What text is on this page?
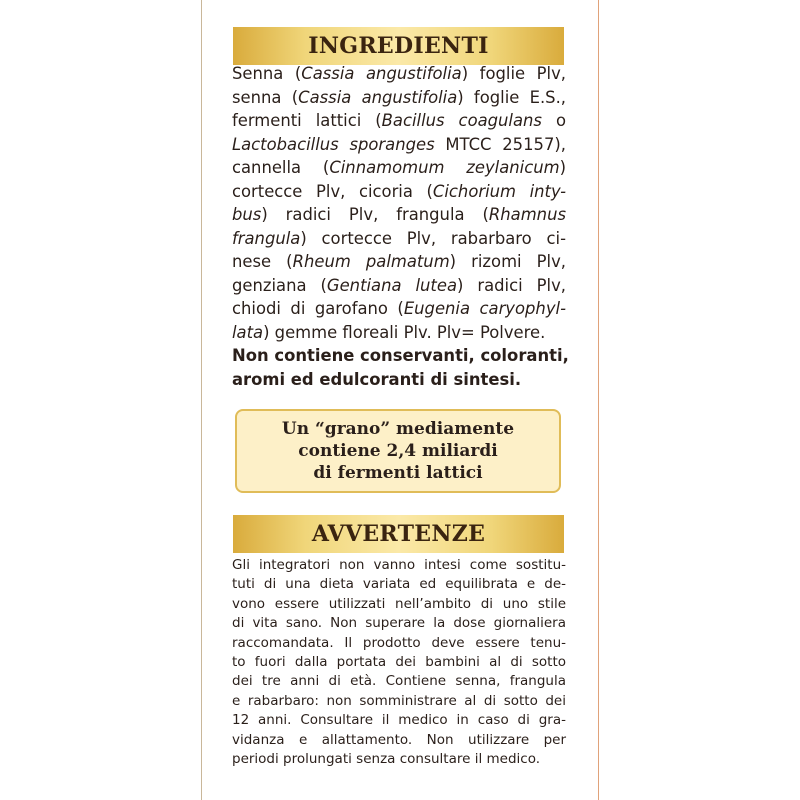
INGREDIENTI
Senna (Cassia angustifolia) foglie Plv,
senna (Cassia angustifolia) foglie E.S.,
fermenti lattici (Bacillus coagulans o
Lactobacillus sporanges MTCC 25157),
cannella (Cinnamomum zeylanicum)
cortecce Plv, cicoria (Cichorium inty-
bus) radici Plv, frangula (Rhamnus
frangula) cortecce Plv, rabarbaro ci-
nese (Rheum palmatum) rizomi Plv,
genziana (Gentiana lutea) radici Plv,
chiodi di garofano (Eugenia caryophyl-
lata) gemme floreali Plv. Plv= Polvere.
Non contiene conservanti, coloranti,
aromi ed edulcoranti di sintesi.
Un “grano” mediamente
contiene 2,4 miliardi
di fermenti lattici
AVVERTENZE
Gli integratori non vanno intesi come sostitu-
tuti di una dieta variata ed equilibrata e de-
vono essere utilizzati nell’ambito di uno stile
di vita sano. Non superare la dose giornaliera
raccomandata. Il prodotto deve essere tenu-
to fuori dalla portata dei bambini al di sotto
dei tre anni di età. Contiene senna, frangula
e rabarbaro: non somministrare al di sotto dei
12 anni. Consultare il medico in caso di gra-
vidanza e allattamento. Non utilizzare per
periodi prolungati senza consultare il medico.
